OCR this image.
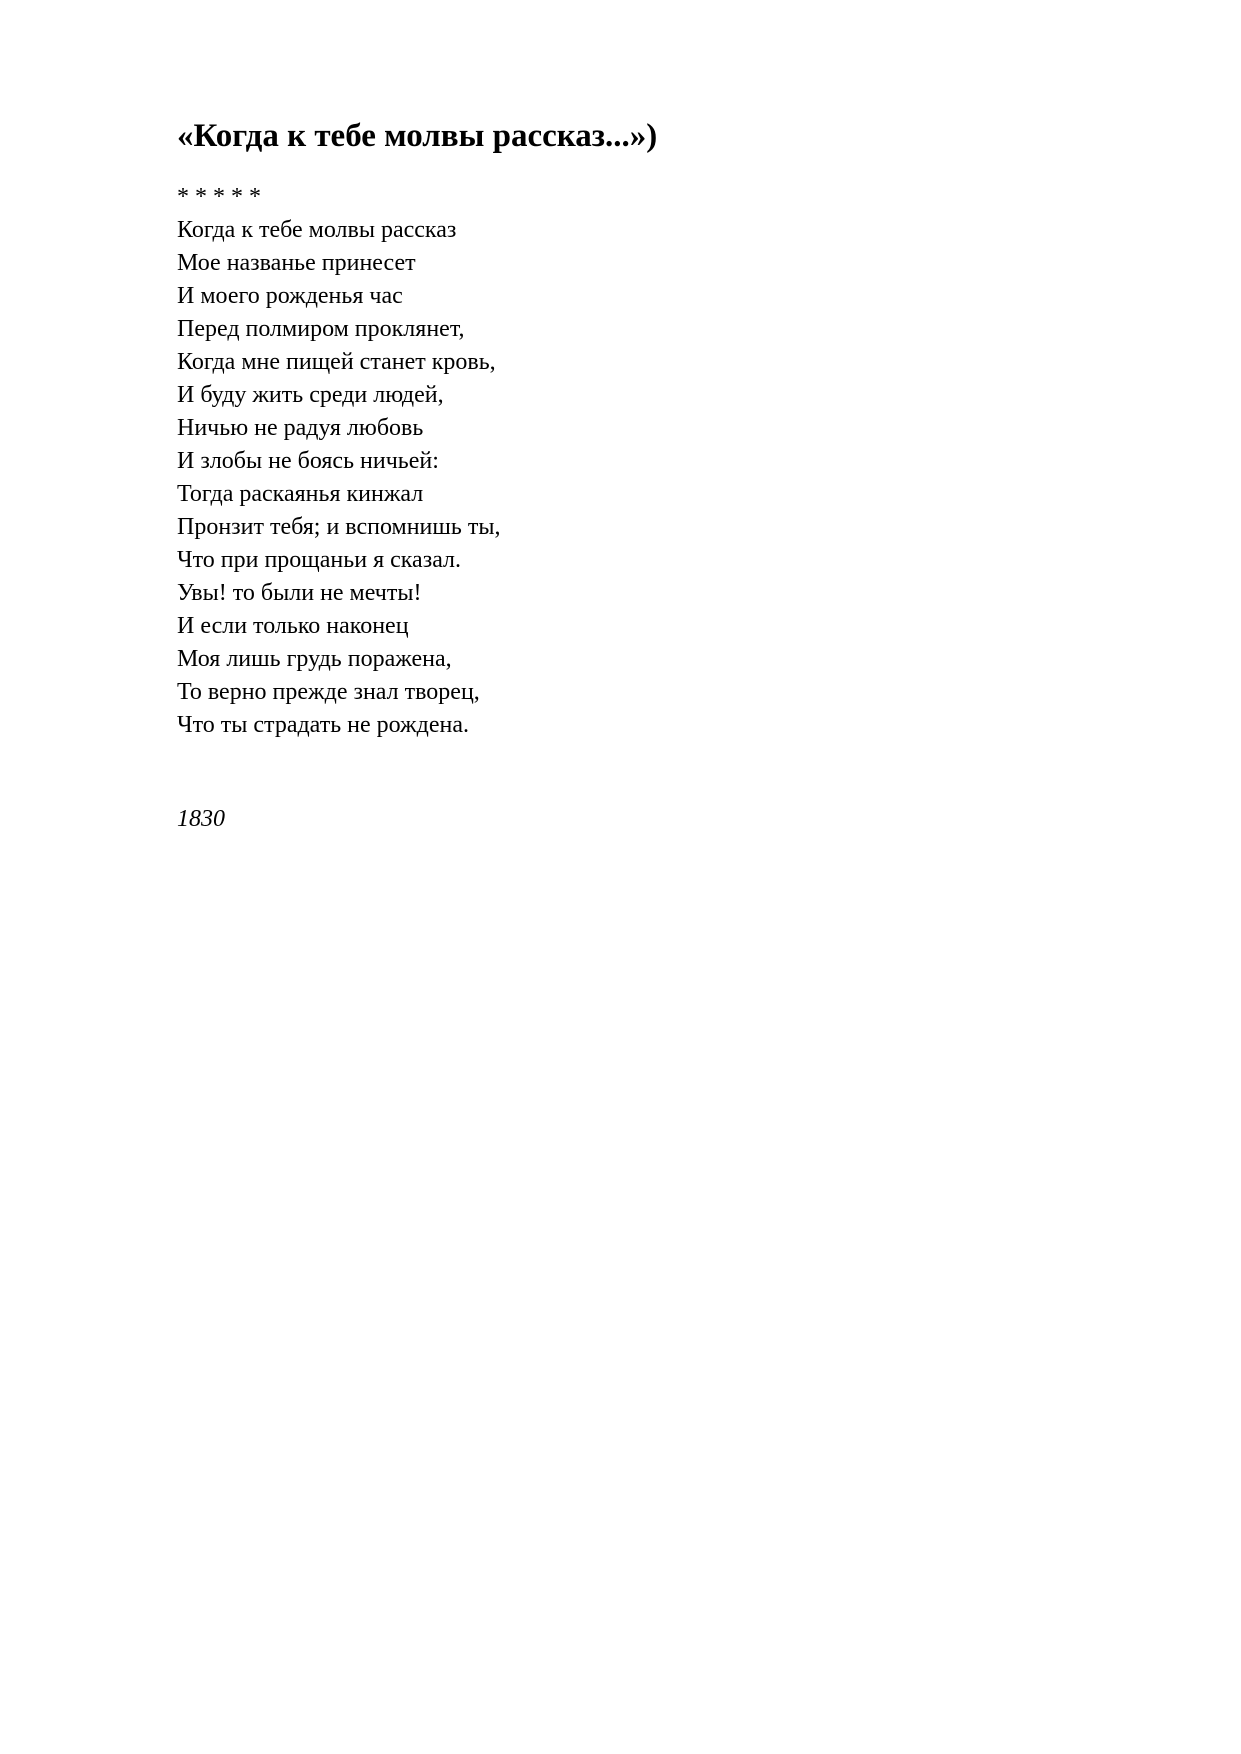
«Когда к тебе молвы рассказ...»)
* * * * *
Когда к тебе молвы рассказ
Мое названье принесет
И моего рожденья час
Перед полмиром проклянет,
Когда мне пищей станет кровь,
И буду жить среди людей,
Ничью не радуя любовь
И злобы не боясь ничьей:
Тогда раскаянья кинжал
Пронзит тебя; и вспомнишь ты,
Что при прощаньи я сказал.
Увы! то были не мечты!
И если только наконец
Моя лишь грудь поражена,
То верно прежде знал творец,
Что ты страдать не рождена.

1830
